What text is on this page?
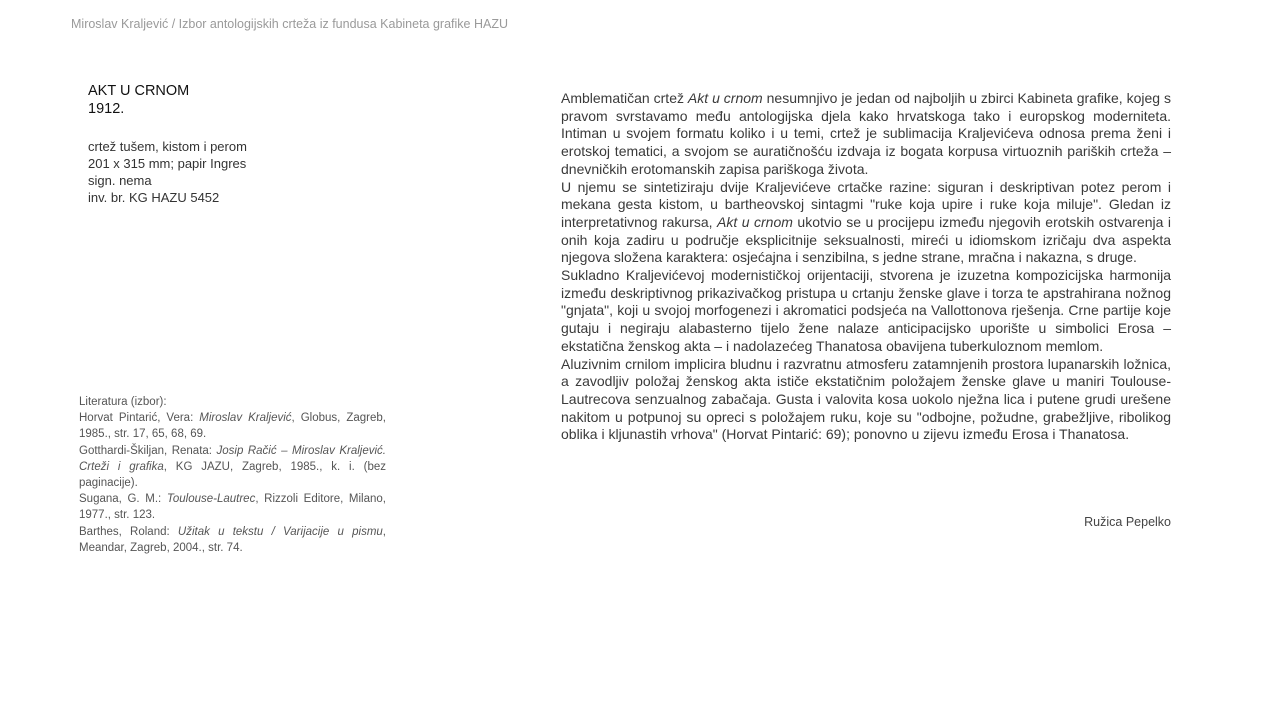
Miroslav Kraljević / Izbor antologijskih crteža iz fundusa Kabineta grafike HAZU
AKT U CRNOM
1912.
crtež tušem, kistom i perom
201 x 315 mm; papir Ingres
sign. nema
inv. br. KG HAZU 5452

Literatura (izbor):

Horvat Pintarić, Vera: Miroslav Kraljević, Globus, Zagreb, 1985., str. 17, 65, 68, 69.

Gotthardi-Škiljan, Renata: Josip Račić – Miroslav Kraljević. Crteži i grafika, KG JAZU, Zagreb, 1985., k. i. (bez paginacije).

Sugana, G. M.: Toulouse-Lautrec, Rizzoli Editore, Milano, 1977., str. 123.

Barthes, Roland: Užitak u tekstu / Varijacije u pismu, Meandar, Zagreb, 2004., str. 74.

Amblematičan crtež Akt u crnom nesumnjivo je jedan od najboljih u zbirci Kabineta grafike, kojeg s pravom svrstavamo među antologijska djela kako hrvatskoga tako i europskog moderniteta. Intiman u svojem formatu koliko i u temi, crtež je sublimacija Kraljevićeva odnosa prema ženi i erotskoj tematici, a svojom se auratičnošću izdvaja iz bogata korpusa virtuoznih pariških crteža – dnevničkih erotomanskih zapisa pariškoga života.

U njemu se sintetiziraju dvije Kraljevićeve crtačke razine: siguran i deskriptivan potez perom i mekana gesta kistom, u bartheovskoj sintagmi "ruke koja upire i ruke koja miluje". Gledan iz interpretativnog rakursa, Akt u crnom ukotvio se u procijepu između njegovih erotskih ostvarenja i onih koja zadiru u područje eksplicitnije seksualnosti, mireći u idiomskom izričaju dva aspekta njegova složena karaktera: osjećajna i senzibilna, s jedne strane, mračna i nakazna, s druge.

Sukladno Kraljevićevoj modernističkoj orijentaciji, stvorena je izuzetna kompozicijska harmonija između deskriptivnog prikazivačkog pristupa u crtanju ženske glave i torza te apstrahirana nožnog "gnjata", koji u svojoj morfogenezi i akromatici podsjeća na Vallottonova rješenja. Crne partije koje gutaju i negiraju alabasterno tijelo žene nalaze anticipacijsko uporište u simbolici Erosa – ekstatična ženskog akta – i nadolazećeg Thanatosa obavijena tuberkuloznom memlom.

Aluzivnim crnilom implicira bludnu i razvratnu atmosferu zatamnjenih prostora lupanarskih ložnica, a zavodljiv položaj ženskog akta ističe ekstatičnim položajem ženske glave u maniri Toulouse-Lautrecova senzualnog zabačaja. Gusta i valovita kosa uokolo nježna lica i putene grudi urešene nakitom u potpunoj su opreci s položajem ruku, koje su "odbojne, požudne, grabežljive, ribolikog oblika i kljunastih vrhova" (Horvat Pintarić: 69); ponovno u zijevu između Erosa i Thanatosa.

Ružica Pepelko
